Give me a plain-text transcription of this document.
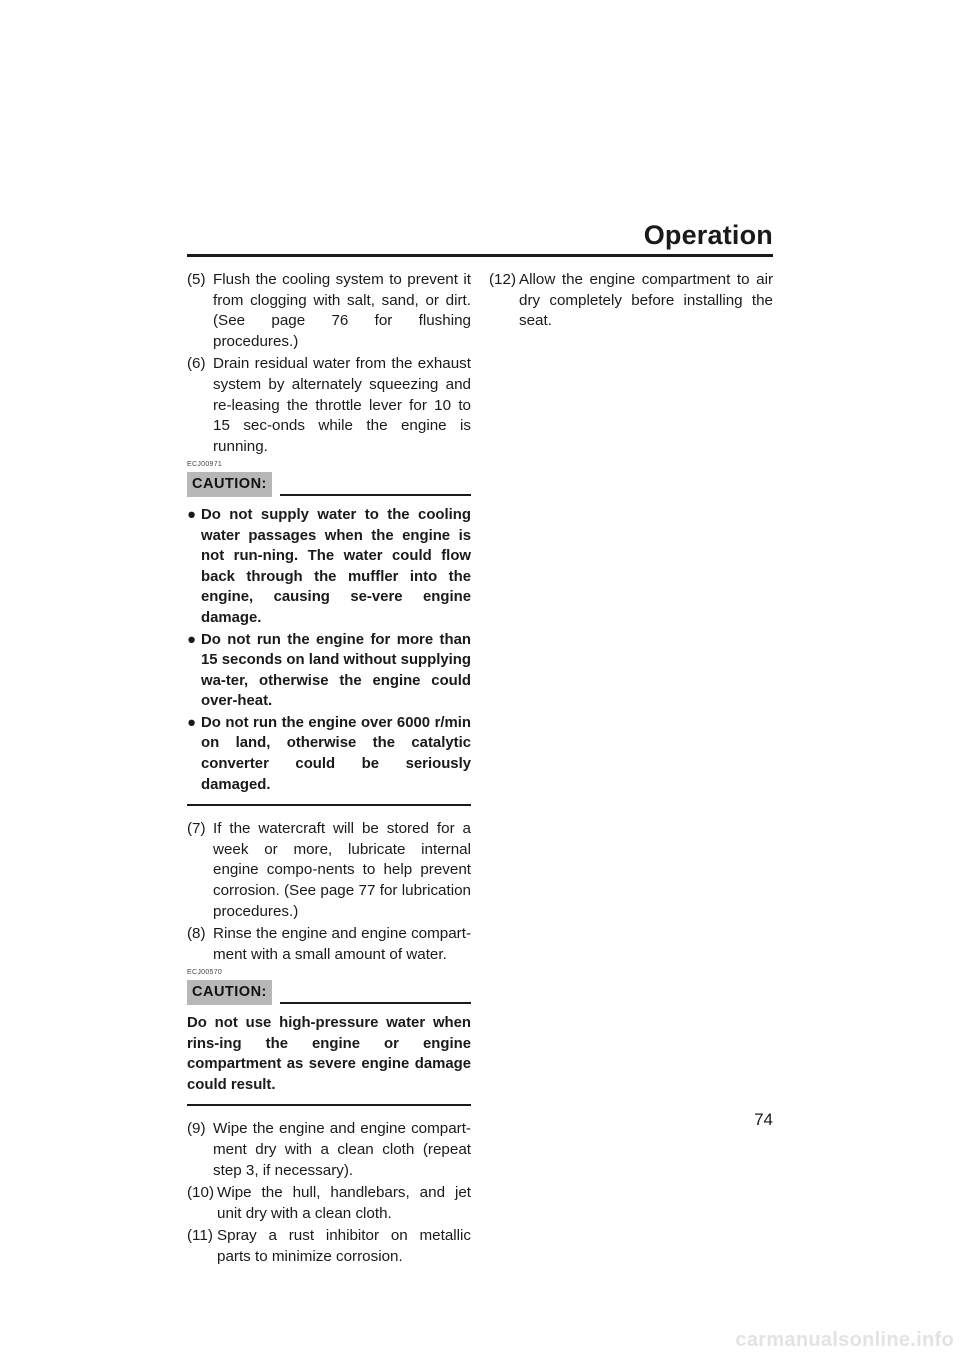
Operation
(5) Flush the cooling system to prevent it from clogging with salt, sand, or dirt. (See page 76 for flushing procedures.)
(6) Drain residual water from the exhaust system by alternately squeezing and re-leasing the throttle lever for 10 to 15 sec-onds while the engine is running.
ECJ00971
CAUTION:
● Do not supply water to the cooling water passages when the engine is not run-ning. The water could flow back through the muffler into the engine, causing se-vere engine damage.
● Do not run the engine for more than 15 seconds on land without supplying wa-ter, otherwise the engine could over-heat.
● Do not run the engine over 6000 r/min on land, otherwise the catalytic converter could be seriously damaged.
(7) If the watercraft will be stored for a week or more, lubricate internal engine compo-nents to help prevent corrosion. (See page 77 for lubrication procedures.)
(8) Rinse the engine and engine compart-ment with a small amount of water.
ECJ00570
CAUTION:
Do not use high-pressure water when rins-ing the engine or engine compartment as severe engine damage could result.
(9) Wipe the engine and engine compart-ment dry with a clean cloth (repeat step 3, if necessary).
(10) Wipe the hull, handlebars, and jet unit dry with a clean cloth.
(11) Spray a rust inhibitor on metallic parts to minimize corrosion.
(12) Allow the engine compartment to air dry completely before installing the seat.
74
carmanualsonline.info
